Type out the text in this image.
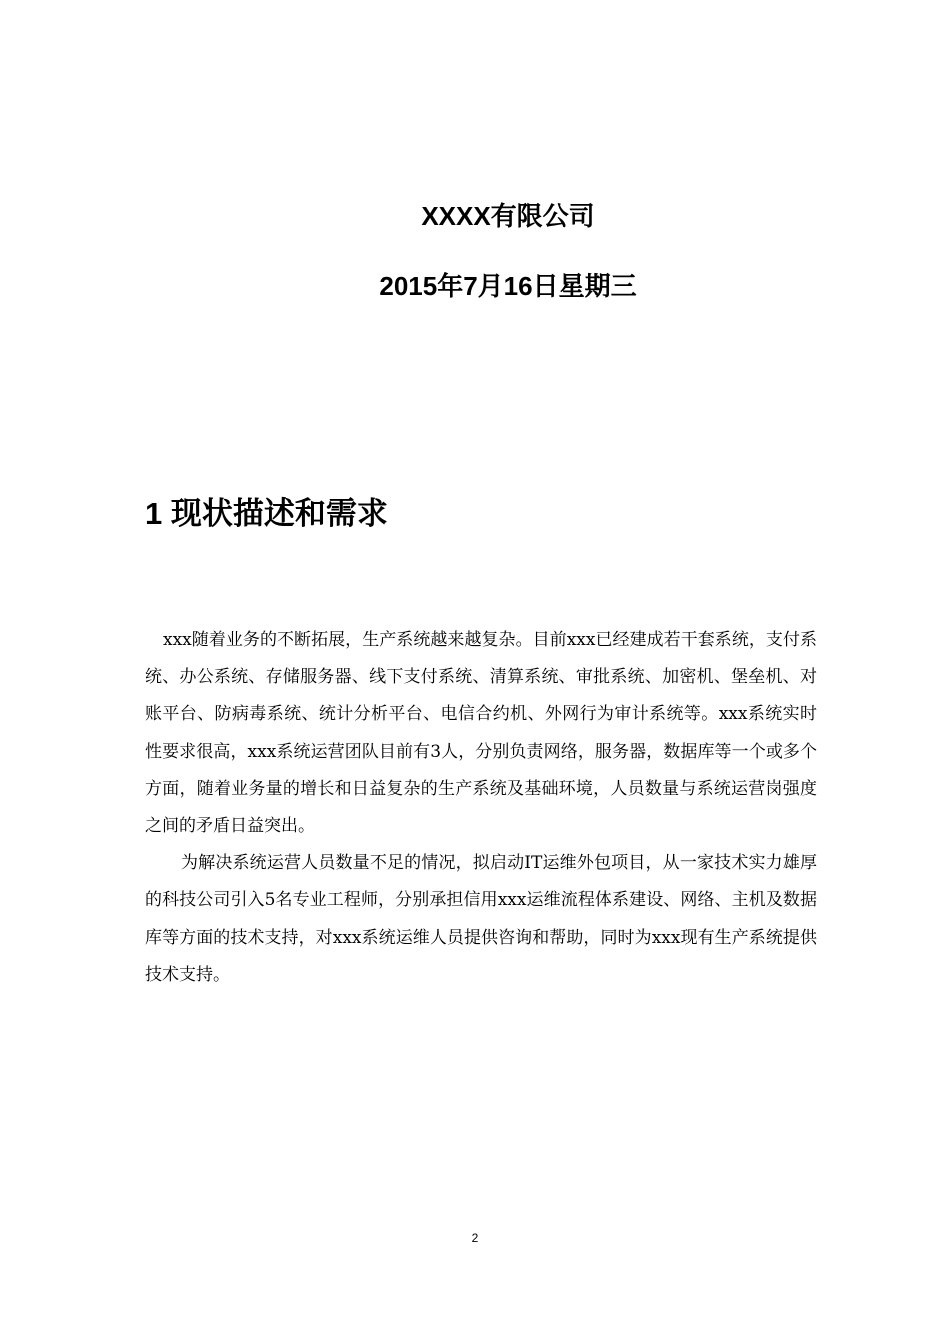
XXXX有限公司
2015年7月16日星期三
1 现状描述和需求

xxx随着业务的不断拓展，生产系统越来越复杂。目前xxx已经建成若干套系统，支付系统、办公系统、存储服务器、线下支付系统、清算系统、审批系统、加密机、堡垒机、对账平台、防病毒系统、统计分析平台、电信合约机、外网行为审计系统等。xxx系统实时性要求很高，xxx系统运营团队目前有3人，分别负责网络，服务器，数据库等一个或多个方面，随着业务量的增长和日益复杂的生产系统及基础环境，人员数量与系统运营岗强度之间的矛盾日益突出。

为解决系统运营人员数量不足的情况，拟启动IT运维外包项目，从一家技术实力雄厚的科技公司引入5名专业工程师，分别承担信用xxx运维流程体系建设、网络、主机及数据库等方面的技术支持，对xxx系统运维人员提供咨询和帮助，同时为xxx现有生产系统提供技术支持。

2
